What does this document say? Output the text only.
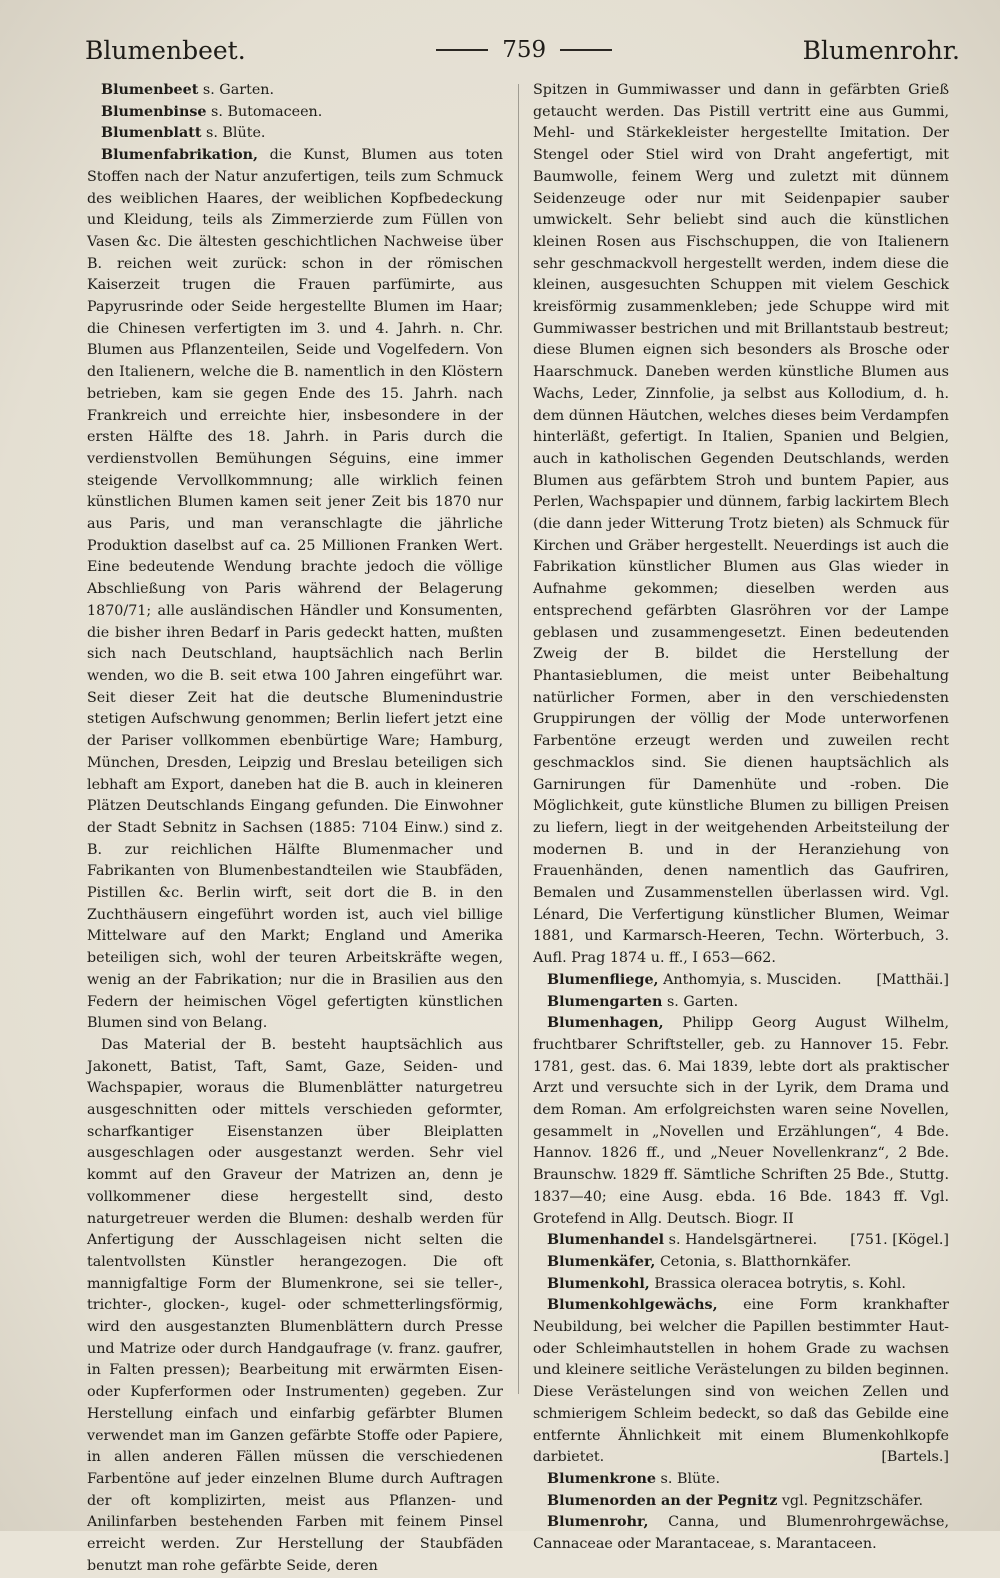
Blumenbeet.	759	Blumenrohr.

Blumenbeet s. Garten.

Blumenbinse s. Butomaceen.

Blumenblatt s. Blüte.

Blumenfabrikation, die Kunst, Blumen aus toten Stoffen nach der Natur anzufertigen, teils zum Schmuck des weiblichen Haares, der weiblichen Kopfbedeckung und Kleidung, teils als Zimmerzierde zum Füllen von Vasen &c. Die ältesten geschichtlichen Nachweise über B. reichen weit zurück: schon in der römischen Kaiserzeit trugen die Frauen parfümirte, aus Papyrusrinde oder Seide hergestellte Blumen im Haar; die Chinesen verfertigten im 3. und 4. Jahrh. n. Chr. Blumen aus Pflanzenteilen, Seide und Vogelfedern. Von den Italienern, welche die B. namentlich in den Klöstern betrieben, kam sie gegen Ende des 15. Jahrh. nach Frankreich und erreichte hier, insbesondere in der ersten Hälfte des 18. Jahrh. in Paris durch die verdienstvollen Bemühungen Séguins, eine immer steigende Vervollkommnung; alle wirklich feinen künstlichen Blumen kamen seit jener Zeit bis 1870 nur aus Paris, und man veranschlagte die jährliche Produktion daselbst auf ca. 25 Millionen Franken Wert. Eine bedeutende Wendung brachte jedoch die völlige Abschließung von Paris während der Belagerung 1870/71; alle ausländischen Händler und Konsumenten, die bisher ihren Bedarf in Paris gedeckt hatten, mußten sich nach Deutschland, hauptsächlich nach Berlin wenden, wo die B. seit etwa 100 Jahren eingeführt war. Seit dieser Zeit hat die deutsche Blumenindustrie stetigen Aufschwung genommen; Berlin liefert jetzt eine der Pariser vollkommen ebenbürtige Ware; Hamburg, München, Dresden, Leipzig und Breslau beteiligen sich lebhaft am Export, daneben hat die B. auch in kleineren Plätzen Deutschlands Eingang gefunden. Die Einwohner der Stadt Sebnitz in Sachsen (1885: 7104 Einw.) sind z. B. zur reichlichen Hälfte Blumenmacher und Fabrikanten von Blumenbestandteilen wie Staubfäden, Pistillen &c. Berlin wirft, seit dort die B. in den Zuchthäusern eingeführt worden ist, auch viel billige Mittelware auf den Markt; England und Amerika beteiligen sich, wohl der teuren Arbeitskräfte wegen, wenig an der Fabrikation; nur die in Brasilien aus den Federn der heimischen Vögel gefertigten künstlichen Blumen sind von Belang.

Das Material der B. besteht hauptsächlich aus Jakonett, Batist, Taft, Samt, Gaze, Seiden- und Wachspapier, woraus die Blumenblätter naturgetreu ausgeschnitten oder mittels verschieden geformter, scharfkantiger Eisenstanzen über Bleiplatten ausgeschlagen oder ausgestanzt werden. Sehr viel kommt auf den Graveur der Matrizen an, denn je vollkommener diese hergestellt sind, desto naturgetreuer werden die Blumen: deshalb werden für Anfertigung der Ausschlageisen nicht selten die talentvollsten Künstler herangezogen. Die oft mannigfaltige Form der Blumenkrone, sei sie teller-, trichter-, glocken-, kugel- oder schmetterlingsförmig, wird den ausgestanzten Blumenblättern durch Presse und Matrize oder durch Handgaufrage (v. franz. gaufrer, in Falten pressen); Bearbeitung mit erwärmten Eisen- oder Kupferformen oder Instrumenten) gegeben. Zur Herstellung einfach und einfarbig gefärbter Blumen verwendet man im Ganzen gefärbte Stoffe oder Papiere, in allen anderen Fällen müssen die verschiedenen Farbentöne auf jeder einzelnen Blume durch Auftragen der oft komplizirten, meist aus Pflanzen- und Anilinfarben bestehenden Farben mit feinem Pinsel erreicht werden. Zur Herstellung der Staubfäden benutzt man rohe gefärbte Seide, deren

Spitzen in Gummiwasser und dann in gefärbten Grieß getaucht werden. Das Pistill vertritt eine aus Gummi, Mehl- und Stärkekleister hergestellte Imitation. Der Stengel oder Stiel wird von Draht angefertigt, mit Baumwolle, feinem Werg und zuletzt mit dünnem Seidenzeuge oder nur mit Seidenpapier sauber umwickelt. Sehr beliebt sind auch die künstlichen kleinen Rosen aus Fischschuppen, die von Italienern sehr geschmackvoll hergestellt werden, indem diese die kleinen, ausgesuchten Schuppen mit vielem Geschick kreisförmig zusammenkleben; jede Schuppe wird mit Gummiwasser bestrichen und mit Brillantstaub bestreut; diese Blumen eignen sich besonders als Brosche oder Haarschmuck. Daneben werden künstliche Blumen aus Wachs, Leder, Zinnfolie, ja selbst aus Kollodium, d. h. dem dünnen Häutchen, welches dieses beim Verdampfen hinterläßt, gefertigt. In Italien, Spanien und Belgien, auch in katholischen Gegenden Deutschlands, werden Blumen aus gefärbtem Stroh und buntem Papier, aus Perlen, Wachspapier und dünnem, farbig lackirtem Blech (die dann jeder Witterung Trotz bieten) als Schmuck für Kirchen und Gräber hergestellt. Neuerdings ist auch die Fabrikation künstlicher Blumen aus Glas wieder in Aufnahme gekommen; dieselben werden aus entsprechend gefärbten Glasröhren vor der Lampe geblasen und zusammengesetzt. Einen bedeutenden Zweig der B. bildet die Herstellung der Phantasieblumen, die meist unter Beibehaltung natürlicher Formen, aber in den verschiedensten Gruppirungen der völlig der Mode unterworfenen Farbentöne erzeugt werden und zuweilen recht geschmacklos sind. Sie dienen hauptsächlich als Garnirungen für Damenhüte und -roben. Die Möglichkeit, gute künstliche Blumen zu billigen Preisen zu liefern, liegt in der weitgehenden Arbeitsteilung der modernen B. und in der Heranziehung von Frauenhänden, denen namentlich das Gaufriren, Bemalen und Zusammenstellen überlassen wird. Vgl. Lénard, Die Verfertigung künstlicher Blumen, Weimar 1881, und Karmarsch-Heeren, Techn. Wörterbuch, 3. Aufl. Prag 1874 u. ff., I 653—662.

Blumenfliege, Anthomyia, s. Musciden.	[Matthäi.]

Blumengarten s. Garten.

Blumenhagen, Philipp Georg August Wilhelm, fruchtbarer Schriftsteller, geb. zu Hannover 15. Febr. 1781, gest. das. 6. Mai 1839, lebte dort als praktischer Arzt und versuchte sich in der Lyrik, dem Drama und dem Roman. Am erfolgreichsten waren seine Novellen, gesammelt in „Novellen und Erzählungen“, 4 Bde. Hannov. 1826 ff., und „Neuer Novellenkranz“, 2 Bde. Braunschw. 1829 ff. Sämtliche Schriften 25 Bde., Stuttg. 1837—40; eine Ausg. ebda. 16 Bde. 1843 ff. Vgl. Grotefend in Allg. Deutsch. Biogr. II

Blumenhandel s. Handelsgärtnerei.	[751. [Kögel.]

Blumenkäfer, Cetonia, s. Blatthornkäfer.

Blumenkohl, Brassica oleracea botrytis, s. Kohl.

Blumenkohlgewächs, eine Form krankhafter Neubildung, bei welcher die Papillen bestimmter Haut- oder Schleimhautstellen in hohem Grade zu wachsen und kleinere seitliche Verästelungen zu bilden beginnen. Diese Verästelungen sind von weichen Zellen und schmierigem Schleim bedeckt, so daß das Gebilde eine entfernte Ähnlichkeit mit einem Blumenkohlkopfe darbietet.	[Bartels.]

Blumenkrone s. Blüte.

Blumenorden an der Pegnitz vgl. Pegnitzschäfer.

Blumenrohr, Canna, und Blumenrohrgewächse, Cannaceae oder Marantaceae, s. Marantaceen.
